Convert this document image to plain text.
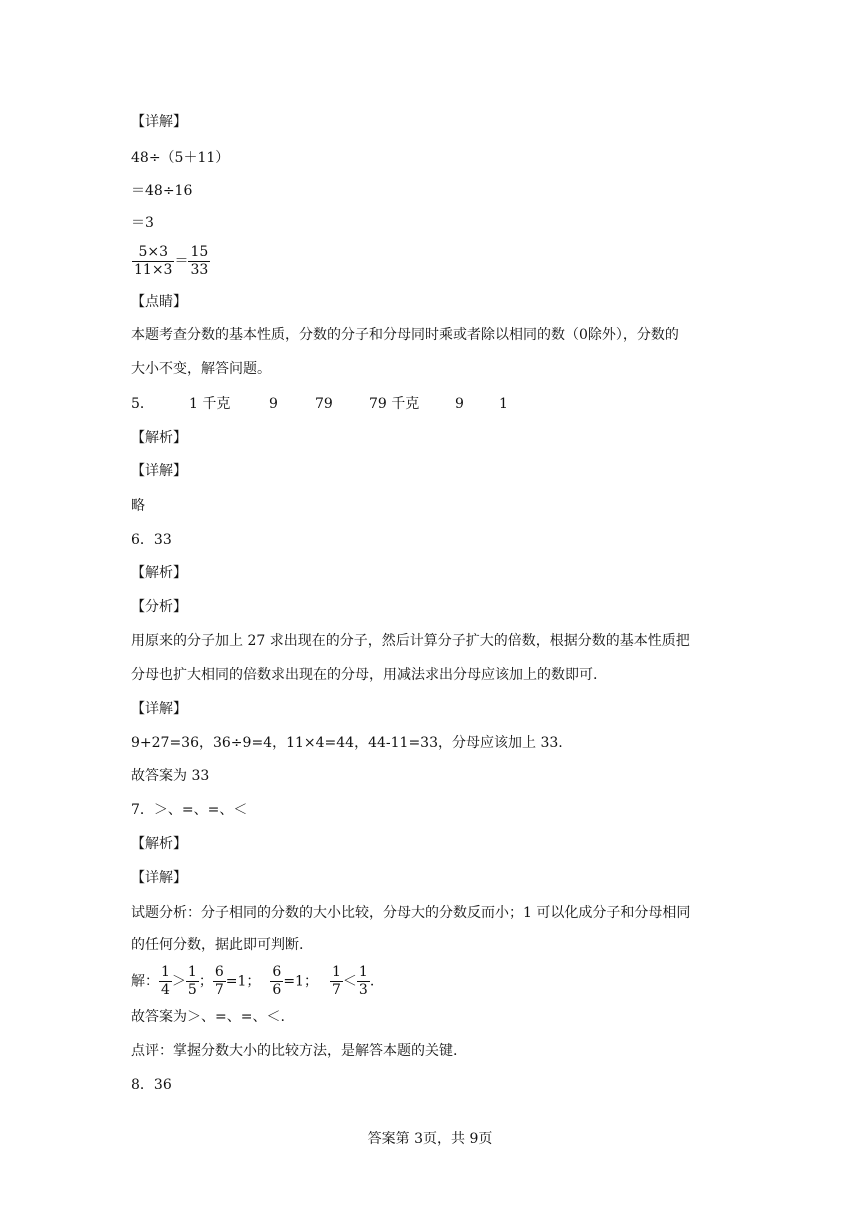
【详解】
48÷（5＋11）
＝48÷16
＝3
$\frac{5\times 3}{11\times 3} = \frac{15}{33}$
【点睛】
本题考查分数的基本性质，分数的分子和分母同时乘或者除以相同的数（0除外），分数的
大小不变，解答问题。
5．	1 千克	9	79	79 千克	9	1
【解析】
【详解】
略
6．33
【解析】
【分析】
用原来的分子加上 27 求出现在的分子，然后计算分子扩大的倍数，根据分数的基本性质把
分母也扩大相同的倍数求出现在的分母，用减法求出分母应该加上的数即可.
【详解】
9+27=36，36÷9=4，11×4=44，44-11=33，分母应该加上 33.
故答案为 33
7．＞、=、=、＜
【解析】
【详解】
试题分析：分子相同的分数的大小比较，分母大的分数反而小；1 可以化成分子和分母相同
的任何分数，据此即可判断.
解： $\frac{1}{4} > \frac{1}{5}$ ； $\frac{6}{7} =1$； $\frac{6}{6} =1$； $\frac{1}{7} < \frac{1}{3}$ .
故答案为＞、=、=、＜.
点评：掌握分数大小的比较方法，是解答本题的关键.
8．36
答案第 3页，共 9页
